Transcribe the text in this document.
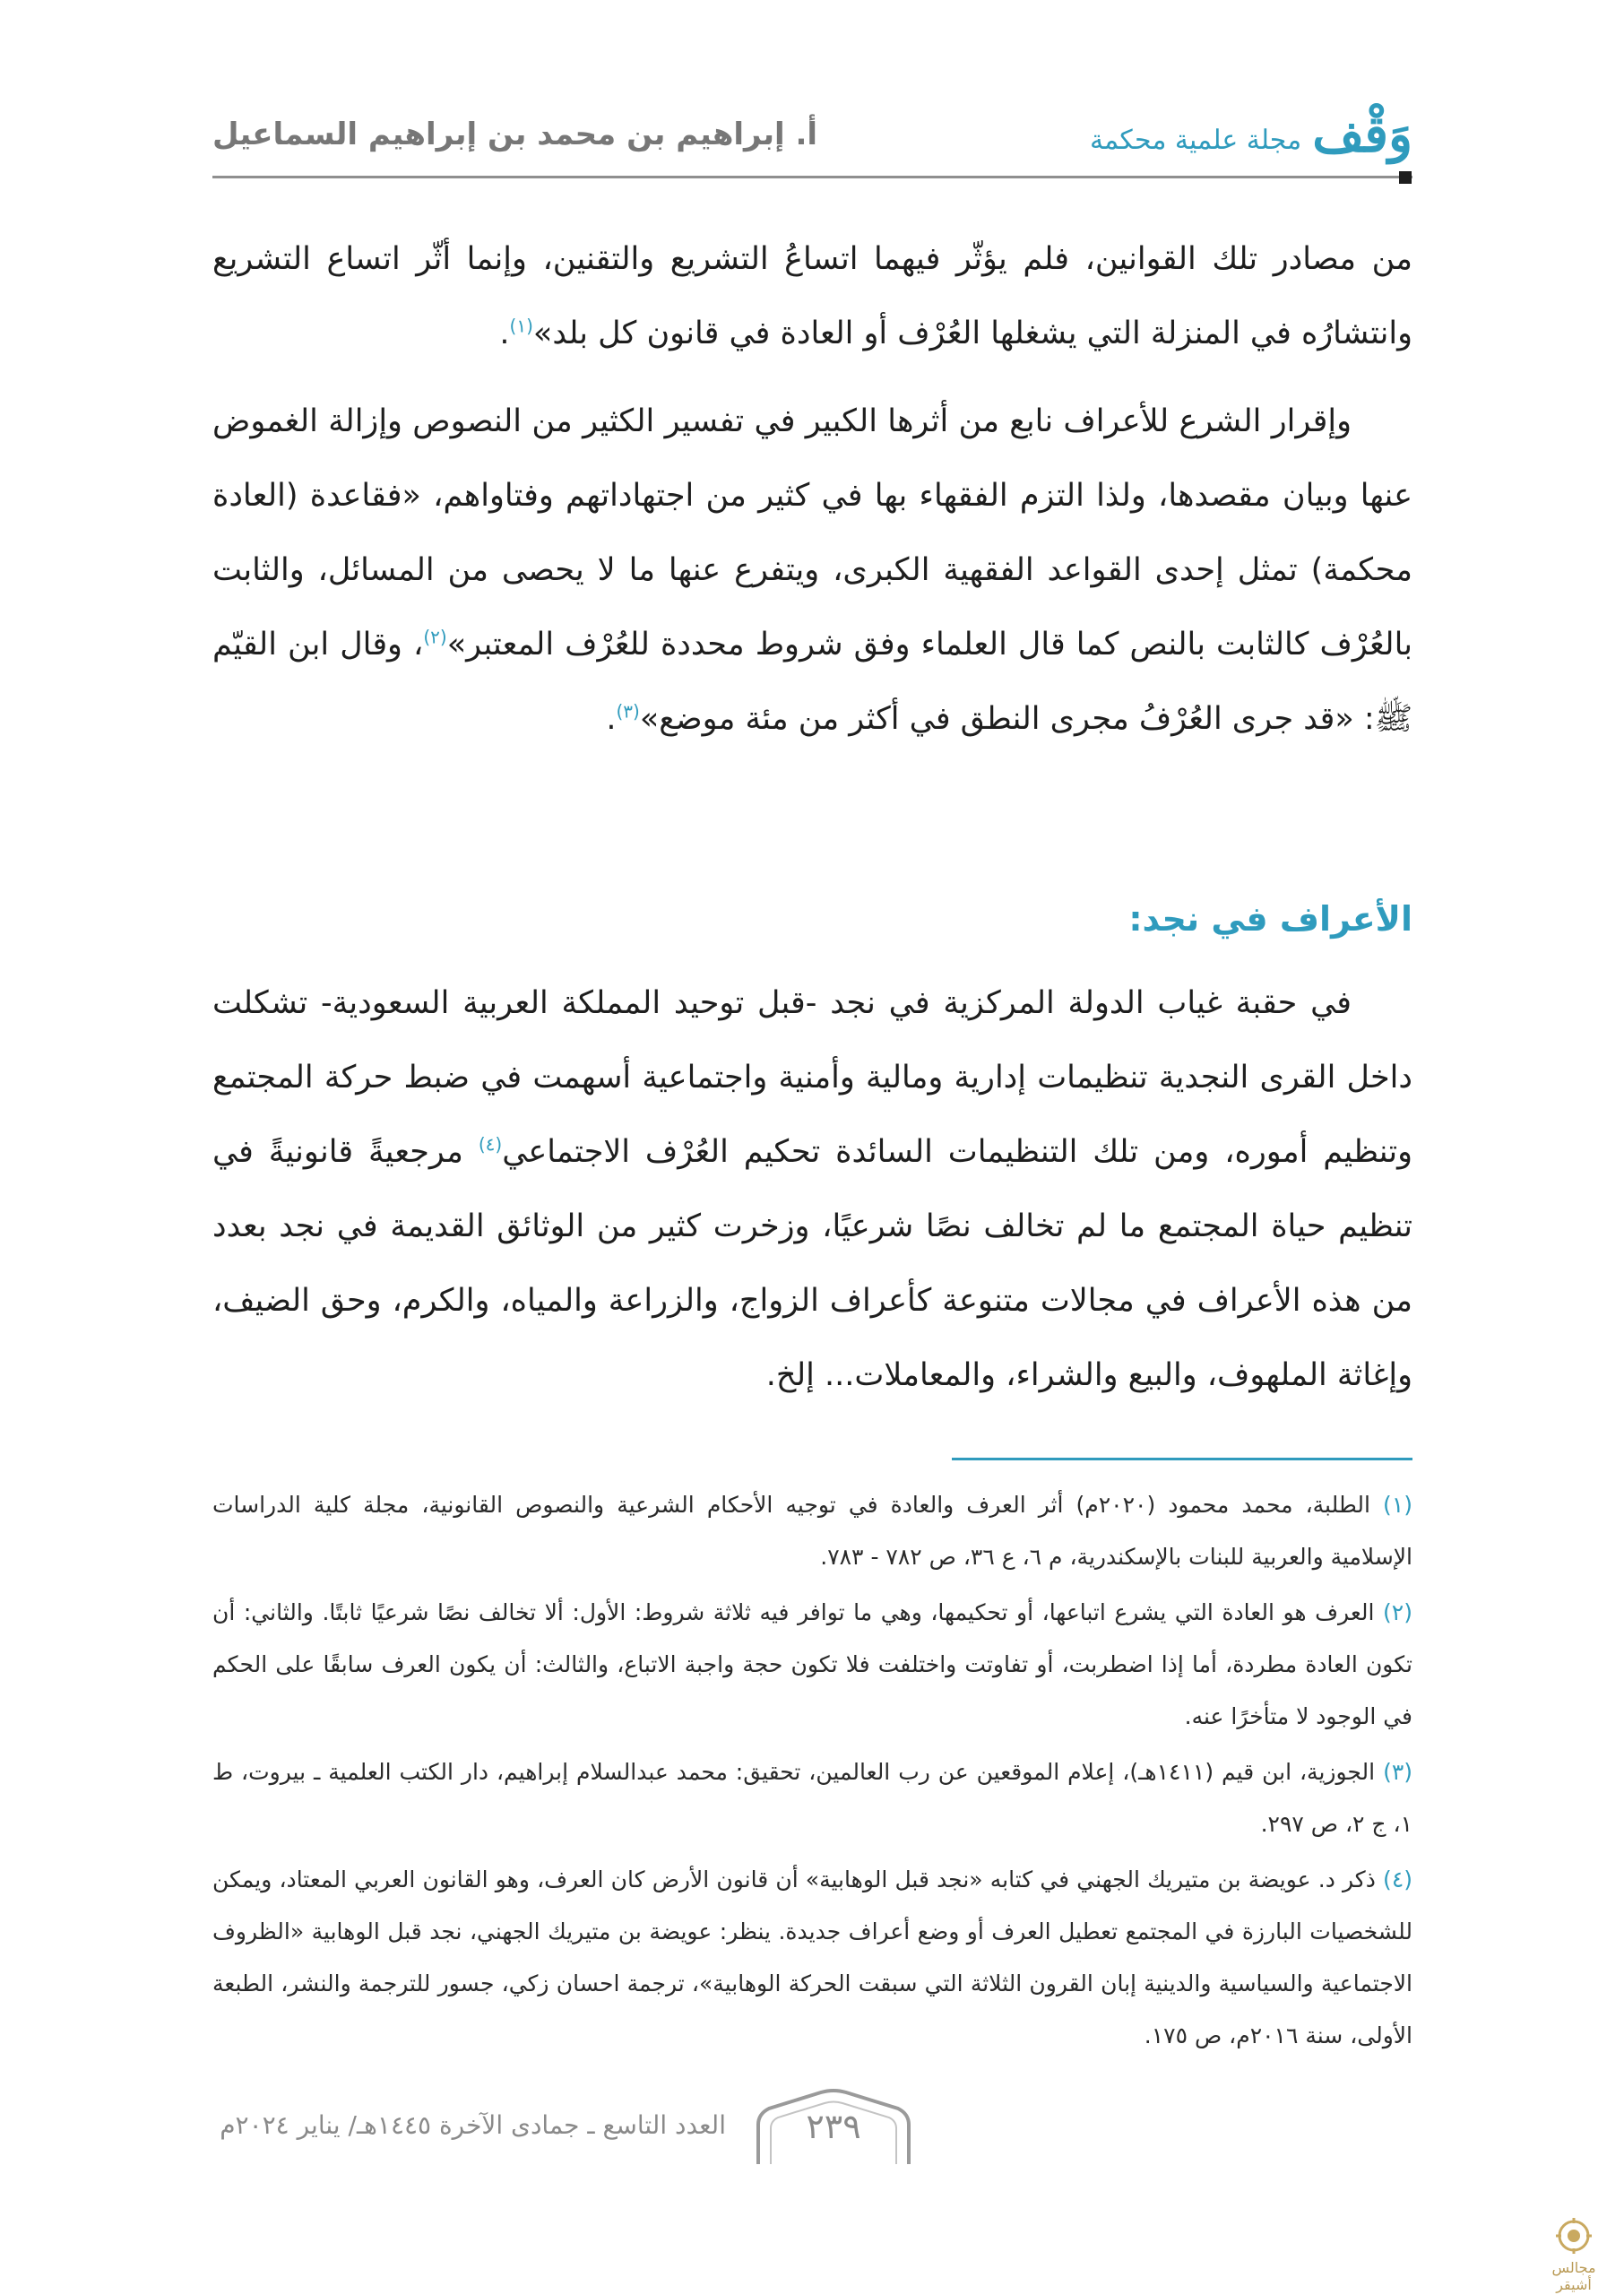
وَقْف
مجلة علمية محكمة
أ. إبراهيم بن محمد بن إبراهيم السماعيل

من مصادر تلك القوانين، فلم يؤثّر فيهما اتساعُ التشريع والتقنين، وإنما أثّر اتساع التشريع وانتشارُه في المنزلة التي يشغلها العُرْف أو العادة في قانون كل بلد»$^{(١)}$.

وإقرار الشرع للأعراف نابع من أثرها الكبير في تفسير الكثير من النصوص وإزالة الغموض عنها وبيان مقصدها، ولذا التزم الفقهاء بها في كثير من اجتهاداتهم وفتاواهم، «فقاعدة (العادة محكمة) تمثل إحدى القواعد الفقهية الكبرى، ويتفرع عنها ما لا يحصى من المسائل، والثابت بالعُرْف كالثابت بالنص كما قال العلماء وفق شروط محددة للعُرْف المعتبر»$^{(٢)}$، وقال ابن القيّم ﷺ: «قد جرى العُرْفُ مجرى النطق في أكثر من مئة موضع»$^{(٣)}$.

الأعراف في نجد:

في حقبة غياب الدولة المركزية في نجد -قبل توحيد المملكة العربية السعودية- تشكلت داخل القرى النجدية تنظيمات إدارية ومالية وأمنية واجتماعية أسهمت في ضبط حركة المجتمع وتنظيم أموره، ومن تلك التنظيمات السائدة تحكيم العُرْف الاجتماعي$^{(٤)}$ مرجعيةً قانونيةً في تنظيم حياة المجتمع ما لم تخالف نصًا شرعيًا، وزخرت كثير من الوثائق القديمة في نجد بعدد من هذه الأعراف في مجالات متنوعة كأعراف الزواج، والزراعة والمياه، والكرم، وحق الضيف، وإغاثة الملهوف، والبيع والشراء، والمعاملات... إلخ.

(١) الطلبة، محمد محمود (٢٠٢٠م) أثر العرف والعادة في توجيه الأحكام الشرعية والنصوص القانونية، مجلة كلية الدراسات الإسلامية والعربية للبنات بالإسكندرية، م ٦، ع ٣٦، ص ٧٨٢ - ٧٨٣.

(٢) العرف هو العادة التي يشرع اتباعها، أو تحكيمها، وهي ما توافر فيه ثلاثة شروط: الأول: ألا تخالف نصًا شرعيًا ثابتًا. والثاني: أن تكون العادة مطردة، أما إذا اضطربت، أو تفاوتت واختلفت فلا تكون حجة واجبة الاتباع، والثالث: أن يكون العرف سابقًا على الحكم في الوجود لا متأخرًا عنه.

(٣) الجوزية، ابن قيم (١٤١١هـ)، إعلام الموقعين عن رب العالمين، تحقيق: محمد عبدالسلام إبراهيم، دار الكتب العلمية ـ بيروت، ط ١، ج ٢، ص ٢٩٧.

(٤) ذكر د. عويضة بن متيريك الجهني في كتابه «نجد قبل الوهابية» أن قانون الأرض كان العرف، وهو القانون العربي المعتاد، ويمكن للشخصيات البارزة في المجتمع تعطيل العرف أو وضع أعراف جديدة. ينظر: عويضة بن متيريك الجهني، نجد قبل الوهابية «الظروف الاجتماعية والسياسية والدينية إبان القرون الثلاثة التي سبقت الحركة الوهابية»، ترجمة احسان زكي، جسور للترجمة والنشر، الطبعة الأولى، سنة ٢٠١٦م، ص ١٧٥.

العدد التاسع ـ جمادى الآخرة ١٤٤٥هـ/ يناير ٢٠٢٤م	٢٣٩
مجالس أشيقر
